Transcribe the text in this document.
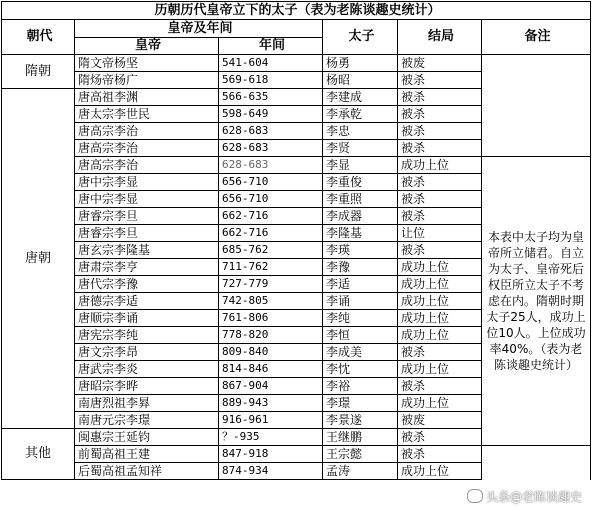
历朝历代皇帝立下的太子（表为老陈谈趣史统计）						
朝代	皇帝及年间		太子	结局	备注	
	皇帝	年间				
隋朝	隋文帝杨坚	541-604	杨勇	被废		
	隋炀帝杨广	569-618	杨昭	被杀		
唐朝	唐高祖李渊	566-635	李建成	被杀		
	唐太宗李世民	598-649	李承乾	被杀		
	唐高宗李治	628-683	李忠	被杀		
	唐高宗李治	628-683	李贤	被杀		
	唐高宗李治	628-683	李显	成功上位	本表中太子均为皇帝所立储君。自立为太子、皇帝死后权臣所立太子不考虑在内。隋朝时期太子25人，成功上位10人。上位成功率40%。（表为老陈谈趣史统计）	
	唐中宗李显	656-710	李重俊	被杀		
	唐中宗李显	656-710	李重照	被杀		
	唐睿宗李旦	662-716	李成器	被杀		
	唐睿宗李旦	662-716	李隆基	让位		
	唐玄宗李隆基	685-762	李瑛	被杀		
	唐肃宗李亨	711-762	李豫	成功上位		
	唐代宗李豫	727-779	李适	成功上位		
	唐德宗李适	742-805	李诵	成功上位		
	唐顺宗李诵	761-806	李纯	成功上位		
	唐宪宗李纯	778-820	李恒	成功上位		
	唐文宗李昂	809-840	李成美	被杀		
	唐武宗李炎	814-846	李忱	成功上位		
	唐昭宗李晔	867-904	李裕	被杀		
	南唐烈祖李昪	889-943	李璟	成功上位		
	南唐元宗李璟	916-961	李景遂	被废		
其他	闽惠宗王延钧	？-935	王继鹏	被杀		
	前蜀高祖王建	847-918	王宗懿	被杀		
	后蜀高祖孟知祥	874-934	孟涛	成功上位		
头条@老陈谈趣史
